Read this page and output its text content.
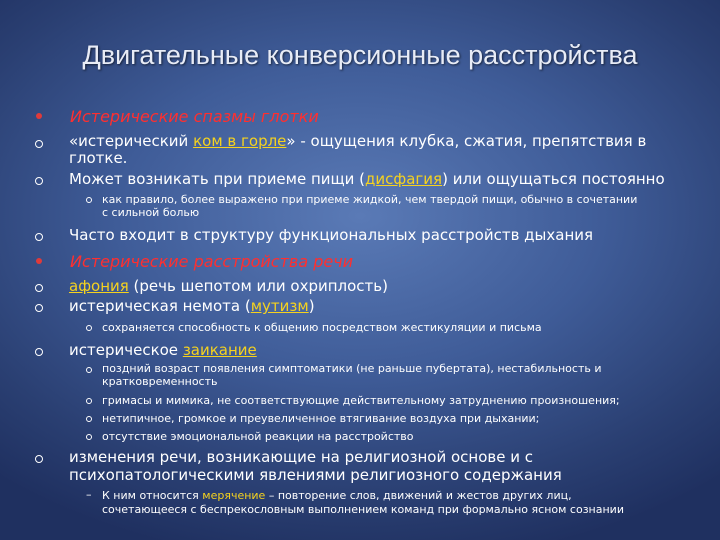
Двигательные конверсионные расстройства
Истерические спазмы глотки
«истерический ком в горле» - ощущения клубка, сжатия, препятствия в
глотке.
Может возникать при приеме пищи (дисфагия) или ощущаться постоянно
как правило, более выражено при приеме жидкой, чем твердой пищи, обычно в сочетании
с сильной болью
Часто входит в структуру функциональных расстройств дыхания
Истерические расстройства речи
афония (речь шепотом или охриплость)
истерическая немота (мутизм)
сохраняется способность к общению посредством жестикуляции и письма
истерическое заикание
поздний возраст появления симптоматики (не раньше пубертата), нестабильность и
кратковременность
гримасы и мимика, не соответствующие действительному затруднению произношения;
нетипичное, громкое и преувеличенное втягивание воздуха при дыхании;
отсутствие эмоциональной реакции на расстройство
изменения речи, возникающие на религиозной основе и с
психопатологическими явлениями религиозного содержания
– К ним относится мерячение – повторение слов, движений и жестов других лиц,
сочетающееся с беспрекословным выполнением команд при формально ясном сознании
